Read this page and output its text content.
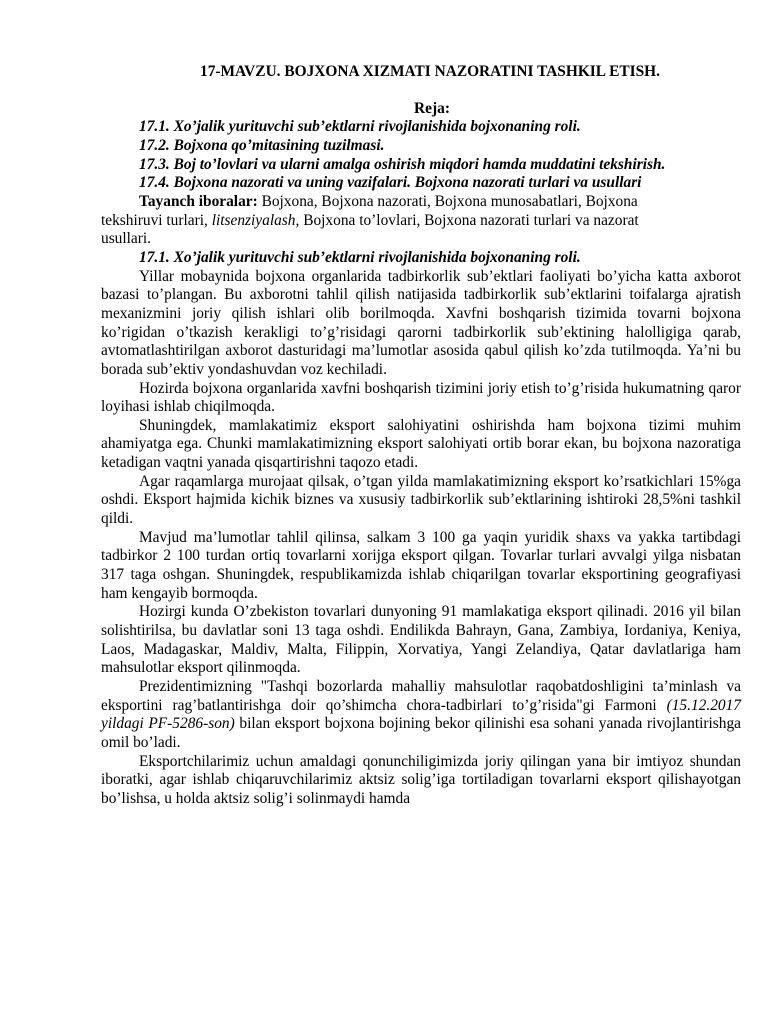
17-MAVZU. BOJXONA XIZMATI NAZORATINI TASHKIL ETISH.

Reja:

17.1. Xo’jalik yurituvchi sub’ektlarni rivojlanishida bojxonaning roli.

17.2. Bojxona qo’mitasining tuzilmasi.

17.3. Boj to’lovlari va ularni amalga oshirish miqdori hamda muddatini tekshirish.

17.4. Bojxona nazorati va uning vazifalari. Bojxona nazorati turlari va usullari

Tayanch iboralar: Bojxona, Bojxona nazorati, Bojxona munosabatlari, Bojxona tekshiruvi turlari, litsenziyalash, Bojxona to’lovlari, Bojxona nazorati turlari va nazorat usullari.

17.1. Xo’jalik yurituvchi sub’ektlarni rivojlanishida bojxonaning roli.

Yillar mobaynida bojxona organlarida tadbirkorlik sub’ektlari faoliyati bo’yicha katta axborot bazasi to’plangan. Bu axborotni tahlil qilish natijasida tadbirkorlik sub’ektlarini toifalarga ajratish mexanizmini joriy qilish ishlari olib borilmoqda. Xavfni boshqarish tizimida tovarni bojxona ko’rigidan o’tkazish kerakligi to’g’risidagi qarorni tadbirkorlik sub’ektining halolligiga qarab, avtomatlashtirilgan axborot dasturidagi ma’lumotlar asosida qabul qilish ko’zda tutilmoqda. Ya’ni bu borada sub’ektiv yondashuvdan voz kechiladi.

Hozirda bojxona organlarida xavfni boshqarish tizimini joriy etish to’g’risida hukumatning qaror loyihasi ishlab chiqilmoqda.

Shuningdek, mamlakatimiz eksport salohiyatini oshirishda ham bojxona tizimi muhim ahamiyatga ega. Chunki mamlakatimizning eksport salohiyati ortib borar ekan, bu bojxona nazoratiga ketadigan vaqtni yanada qisqartirishni taqozo etadi.

Agar raqamlarga murojaat qilsak, o’tgan yilda mamlakatimizning eksport ko’rsatkichlari 15%ga oshdi. Eksport hajmida kichik biznes va xususiy tadbirkorlik sub’ektlarining ishtiroki 28,5%ni tashkil qildi.

Mavjud ma’lumotlar tahlil qilinsa, salkam 3 100 ga yaqin yuridik shaxs va yakka tartibdagi tadbirkor 2 100 turdan ortiq tovarlarni xorijga eksport qilgan. Tovarlar turlari avvalgi yilga nisbatan 317 taga oshgan. Shuningdek, respublikamizda ishlab chiqarilgan tovarlar eksportining geografiyasi ham kengayib bormoqda.

Hozirgi kunda O’zbekiston tovarlari dunyoning 91 mamlakatiga eksport qilinadi. 2016 yil bilan solishtirilsa, bu davlatlar soni 13 taga oshdi. Endilikda Bahrayn, Gana, Zambiya, Iordaniya, Keniya, Laos, Madagaskar, Maldiv, Malta, Filippin, Xorvatiya, Yangi Zelandiya, Qatar davlatlariga ham mahsulotlar eksport qilinmoqda.

Prezidentimizning "Tashqi bozorlarda mahalliy mahsulotlar raqobatdoshligini ta’minlash va eksportini rag’batlantirishga doir qo’shimcha chora-tadbirlari to’g’risida"gi Farmoni (15.12.2017 yildagi PF-5286-son) bilan eksport bojxona bojining bekor qilinishi esa sohani yanada rivojlantirishga omil bo’ladi.

Eksportchilarimiz uchun amaldagi qonunchiligimizda joriy qilingan yana bir imtiyoz shundan iboratki, agar ishlab chiqaruvchilarimiz aktsiz solig’iga tortiladigan tovarlarni eksport qilishayotgan bo’lishsa, u holda aktsiz solig’i solinmaydi hamda
